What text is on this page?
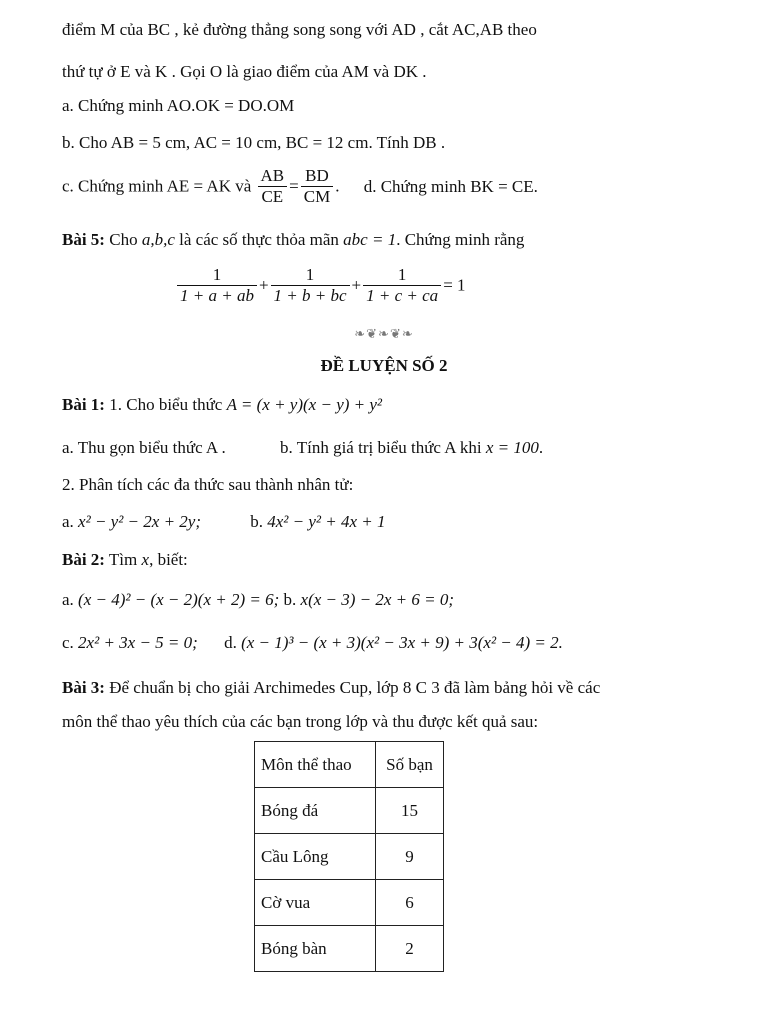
điểm M của BC , kẻ đường thẳng song song với AD , cắt AC,AB theo
thứ tự ở E và K . Gọi O là giao điểm của AM và DK .
a. Chứng minh AO.OK = DO.OM
b. Cho AB = 5 cm, AC = 10 cm, BC = 12 cm. Tính DB .
c. Chứng minh AE = AK và $\frac{AB}{CE} = \frac{BD}{CM}$ . d. Chứng minh BK = CE.
Bài 5: Cho a,b,c là các số thực thỏa mãn abc = 1. Chứng minh rằng
$\frac{1}{1 + a + ab} + \frac{1}{1 + b + bc} + \frac{1}{1 + c + ca} = 1$
❧❦❧❦❧
ĐỀ LUYỆN SỐ 2
Bài 1: 1. Cho biểu thức A = (x + y)(x − y) + y²
a. Thu gọn biểu thức A .	b. Tính giá trị biểu thức A khi x = 100.
2. Phân tích các đa thức sau thành nhân tử:
a. x² − y² − 2x + 2y;	b. 4x² − y² + 4x + 1
Bài 2: Tìm x, biết:
a. (x − 4)² − (x − 2)(x + 2) = 6; b. x(x − 3) − 2x + 6 = 0;
c. 2x² + 3x − 5 = 0; d. (x − 1)³ − (x + 3)(x² − 3x + 9) + 3(x² − 4) = 2.
Bài 3: Để chuẩn bị cho giải Archimedes Cup, lớp 8 C 3 đã làm bảng hỏi về các
môn thể thao yêu thích của các bạn trong lớp và thu được kết quả sau:
Môn thể thao	Số bạn
Bóng đá	15
Cầu Lông	9
Cờ vua	6
Bóng bàn	2
